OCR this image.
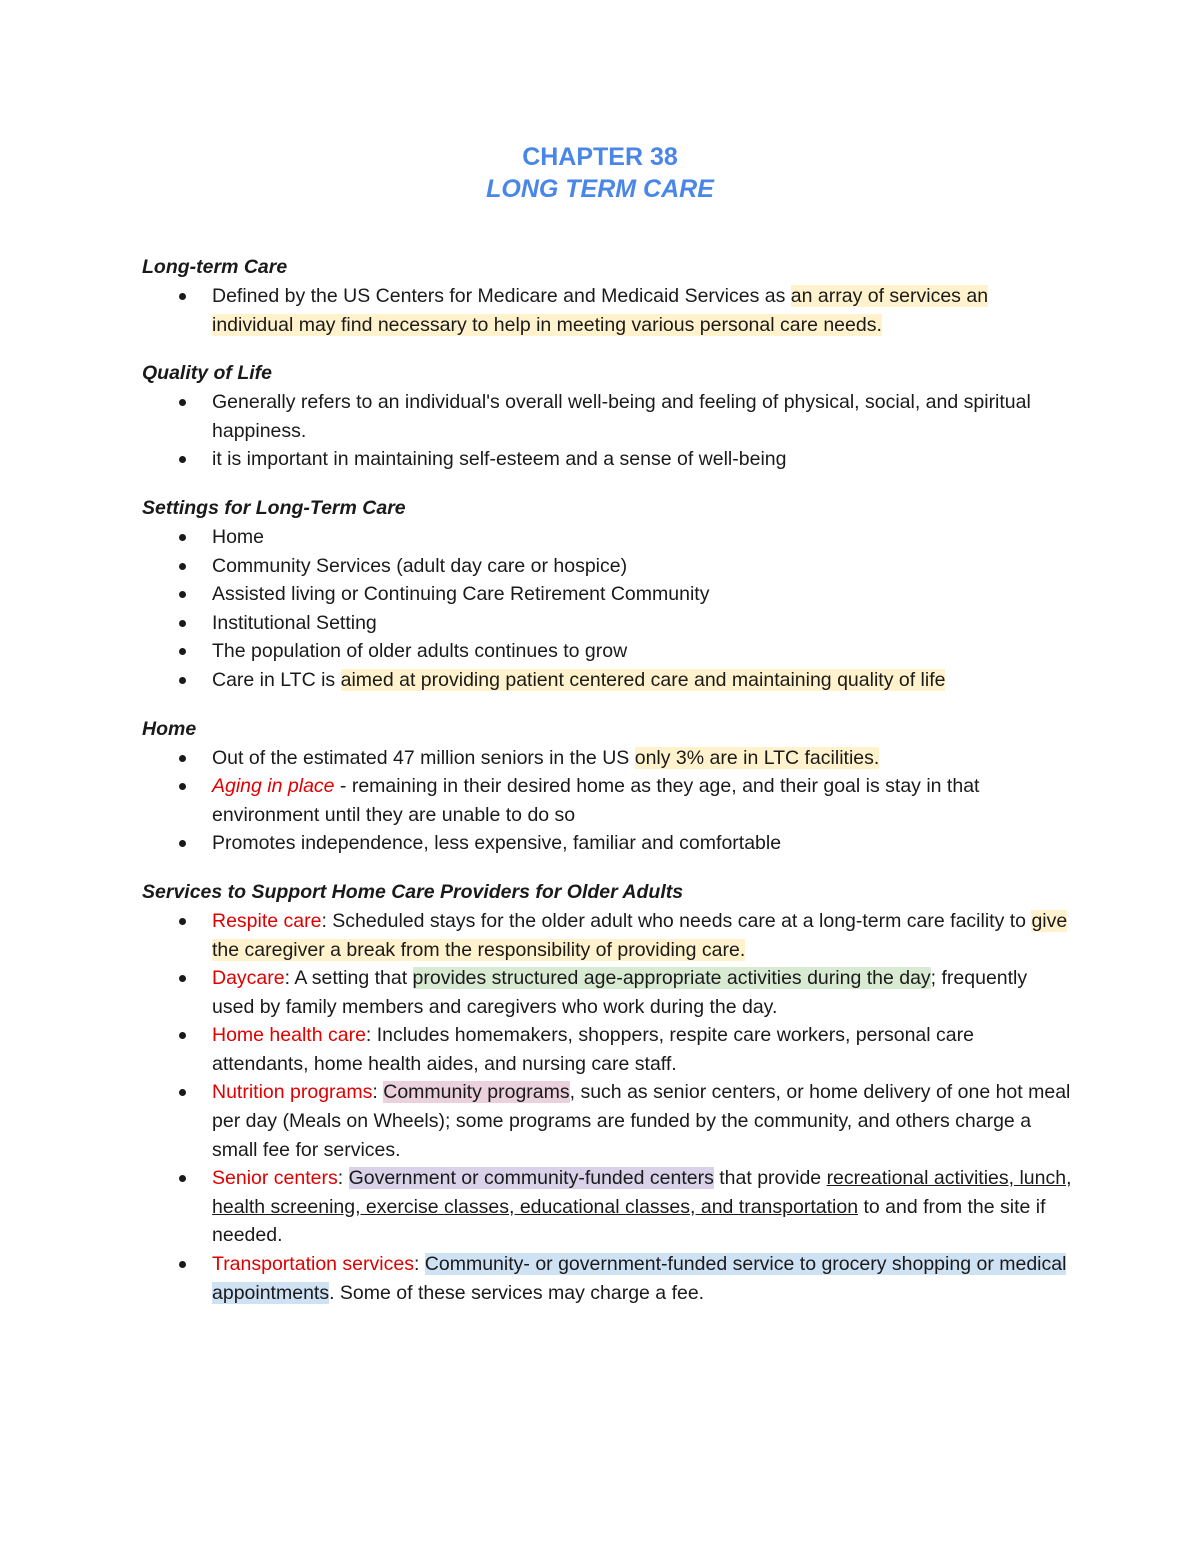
CHAPTER 38
LONG TERM CARE
Long-term Care
Defined by the US Centers for Medicare and Medicaid Services as an array of services an individual may find necessary to help in meeting various personal care needs.
Quality of Life
Generally refers to an individual's overall well-being and feeling of physical, social, and spiritual happiness.
it is important in maintaining self-esteem and a sense of well-being
Settings for Long-Term Care
Home
Community Services (adult day care or hospice)
Assisted living or Continuing Care Retirement Community
Institutional Setting
The population of older adults continues to grow
Care in LTC is aimed at providing patient centered care and maintaining quality of life
Home
Out of the estimated 47 million seniors in the US only 3% are in LTC facilities.
Aging in place - remaining in their desired home as they age, and their goal is stay in that environment until they are unable to do so
Promotes independence, less expensive, familiar and comfortable
Services to Support Home Care Providers for Older Adults
Respite care: Scheduled stays for the older adult who needs care at a long-term care facility to give the caregiver a break from the responsibility of providing care.
Daycare: A setting that provides structured age-appropriate activities during the day; frequently used by family members and caregivers who work during the day.
Home health care: Includes homemakers, shoppers, respite care workers, personal care attendants, home health aides, and nursing care staff.
Nutrition programs: Community programs, such as senior centers, or home delivery of one hot meal per day (Meals on Wheels); some programs are funded by the community, and others charge a small fee for services.
Senior centers: Government or community-funded centers that provide recreational activities, lunch, health screening, exercise classes, educational classes, and transportation to and from the site if needed.
Transportation services: Community- or government-funded service to grocery shopping or medical appointments. Some of these services may charge a fee.
